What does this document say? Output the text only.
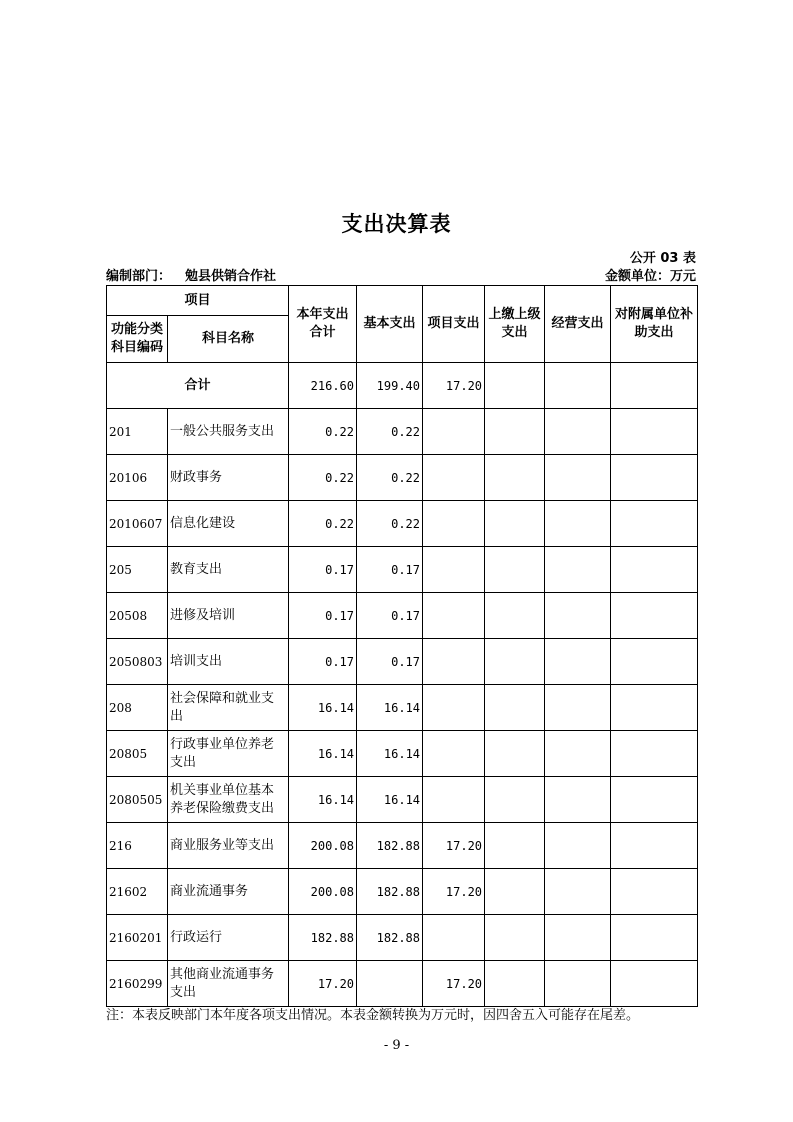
支出决算表
公开 03 表
编制部门： 勉县供销合作社	金额单位：万元
项目		本年支出合计	基本支出	项目支出	上缴上级支出	经营支出	对附属单位补助支出
功能分类科目编码	科目名称						
合计		216.60	199.40	17.20			
201	一般公共服务支出	0.22	0.22				
20106	财政事务	0.22	0.22				
2010607	信息化建设	0.22	0.22				
205	教育支出	0.17	0.17				
20508	进修及培训	0.17	0.17				
2050803	培训支出	0.17	0.17				
208	社会保障和就业支出	16.14	16.14				
20805	行政事业单位养老支出	16.14	16.14				
2080505	机关事业单位基本养老保险缴费支出	16.14	16.14				
216	商业服务业等支出	200.08	182.88	17.20			
21602	商业流通事务	200.08	182.88	17.20			
2160201	行政运行	182.88	182.88				
2160299	其他商业流通事务支出	17.20		17.20			
注：本表反映部门本年度各项支出情况。本表金额转换为万元时，因四舍五入可能存在尾差。
- 9 -
